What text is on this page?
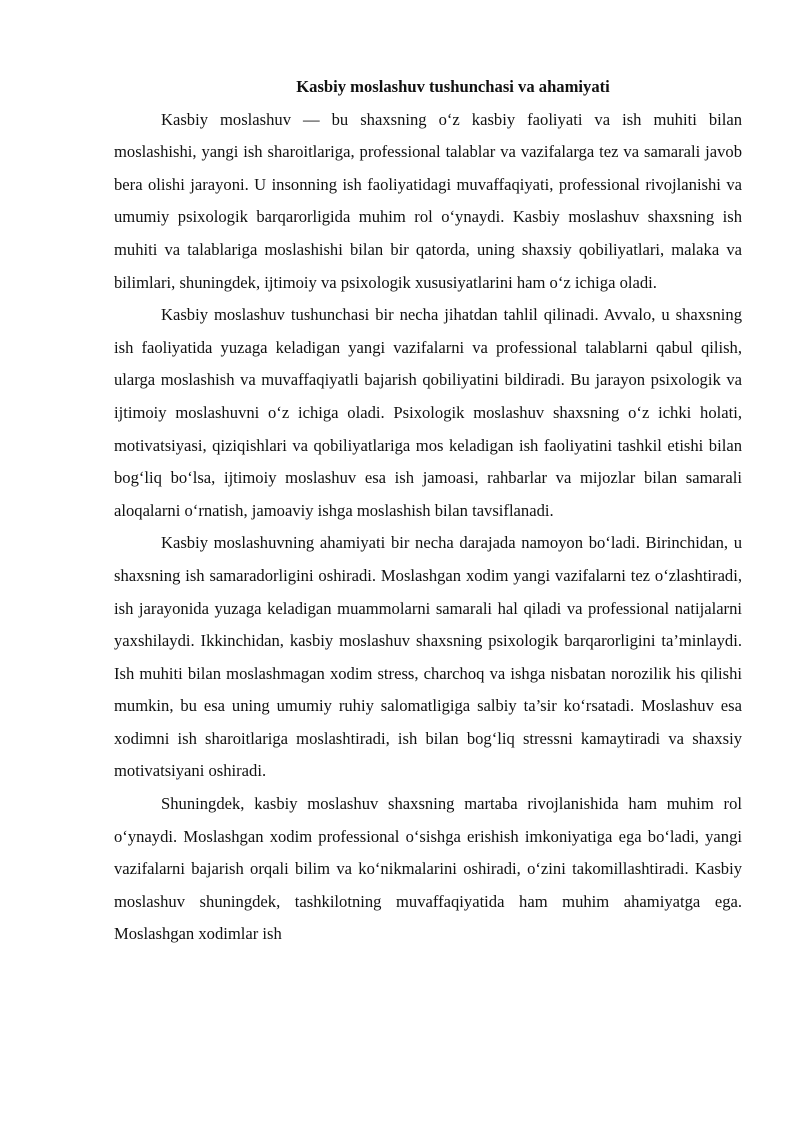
Kasbiy moslashuv tushunchasi va ahamiyati

Kasbiy moslashuv — bu shaxsning o‘z kasbiy faoliyati va ish muhiti bilan moslashishi, yangi ish sharoitlariga, professional talablar va vazifalarga tez va samarali javob bera olishi jarayoni. U insonning ish faoliyatidagi muvaffaqiyati, professional rivojlanishi va umumiy psixologik barqarorligida muhim rol o‘ynaydi. Kasbiy moslashuv shaxsning ish muhiti va talablariga moslashishi bilan bir qatorda, uning shaxsiy qobiliyatlari, malaka va bilimlari, shuningdek, ijtimoiy va psixologik xususiyatlarini ham o‘z ichiga oladi.

Kasbiy moslashuv tushunchasi bir necha jihatdan tahlil qilinadi. Avvalo, u shaxsning ish faoliyatida yuzaga keladigan yangi vazifalarni va professional talablarni qabul qilish, ularga moslashish va muvaffaqiyatli bajarish qobiliyatini bildiradi. Bu jarayon psixologik va ijtimoiy moslashuvni o‘z ichiga oladi. Psixologik moslashuv shaxsning o‘z ichki holati, motivatsiyasi, qiziqishlari va qobiliyatlariga mos keladigan ish faoliyatini tashkil etishi bilan bog‘liq bo‘lsa, ijtimoiy moslashuv esa ish jamoasi, rahbarlar va mijozlar bilan samarali aloqalarni o‘rnatish, jamoaviy ishga moslashish bilan tavsiflanadi.

Kasbiy moslashuvning ahamiyati bir necha darajada namoyon bo‘ladi. Birinchidan, u shaxsning ish samaradorligini oshiradi. Moslashgan xodim yangi vazifalarni tez o‘zlashtiradi, ish jarayonida yuzaga keladigan muammolarni samarali hal qiladi va professional natijalarni yaxshilaydi. Ikkinchidan, kasbiy moslashuv shaxsning psixologik barqarorligini ta’minlaydi. Ish muhiti bilan moslashmagan xodim stress, charchoq va ishga nisbatan norozilik his qilishi mumkin, bu esa uning umumiy ruhiy salomatligiga salbiy ta’sir ko‘rsatadi. Moslashuv esa xodimni ish sharoitlariga moslashtiradi, ish bilan bog‘liq stressni kamaytiradi va shaxsiy motivatsiyani oshiradi.

Shuningdek, kasbiy moslashuv shaxsning martaba rivojlanishida ham muhim rol o‘ynaydi. Moslashgan xodim professional o‘sishga erishish imkoniyatiga ega bo‘ladi, yangi vazifalarni bajarish orqali bilim va ko‘nikmalarini oshiradi, o‘zini takomillashtiradi. Kasbiy moslashuv shuningdek, tashkilotning muvaffaqiyatida ham muhim ahamiyatga ega. Moslashgan xodimlar ish
